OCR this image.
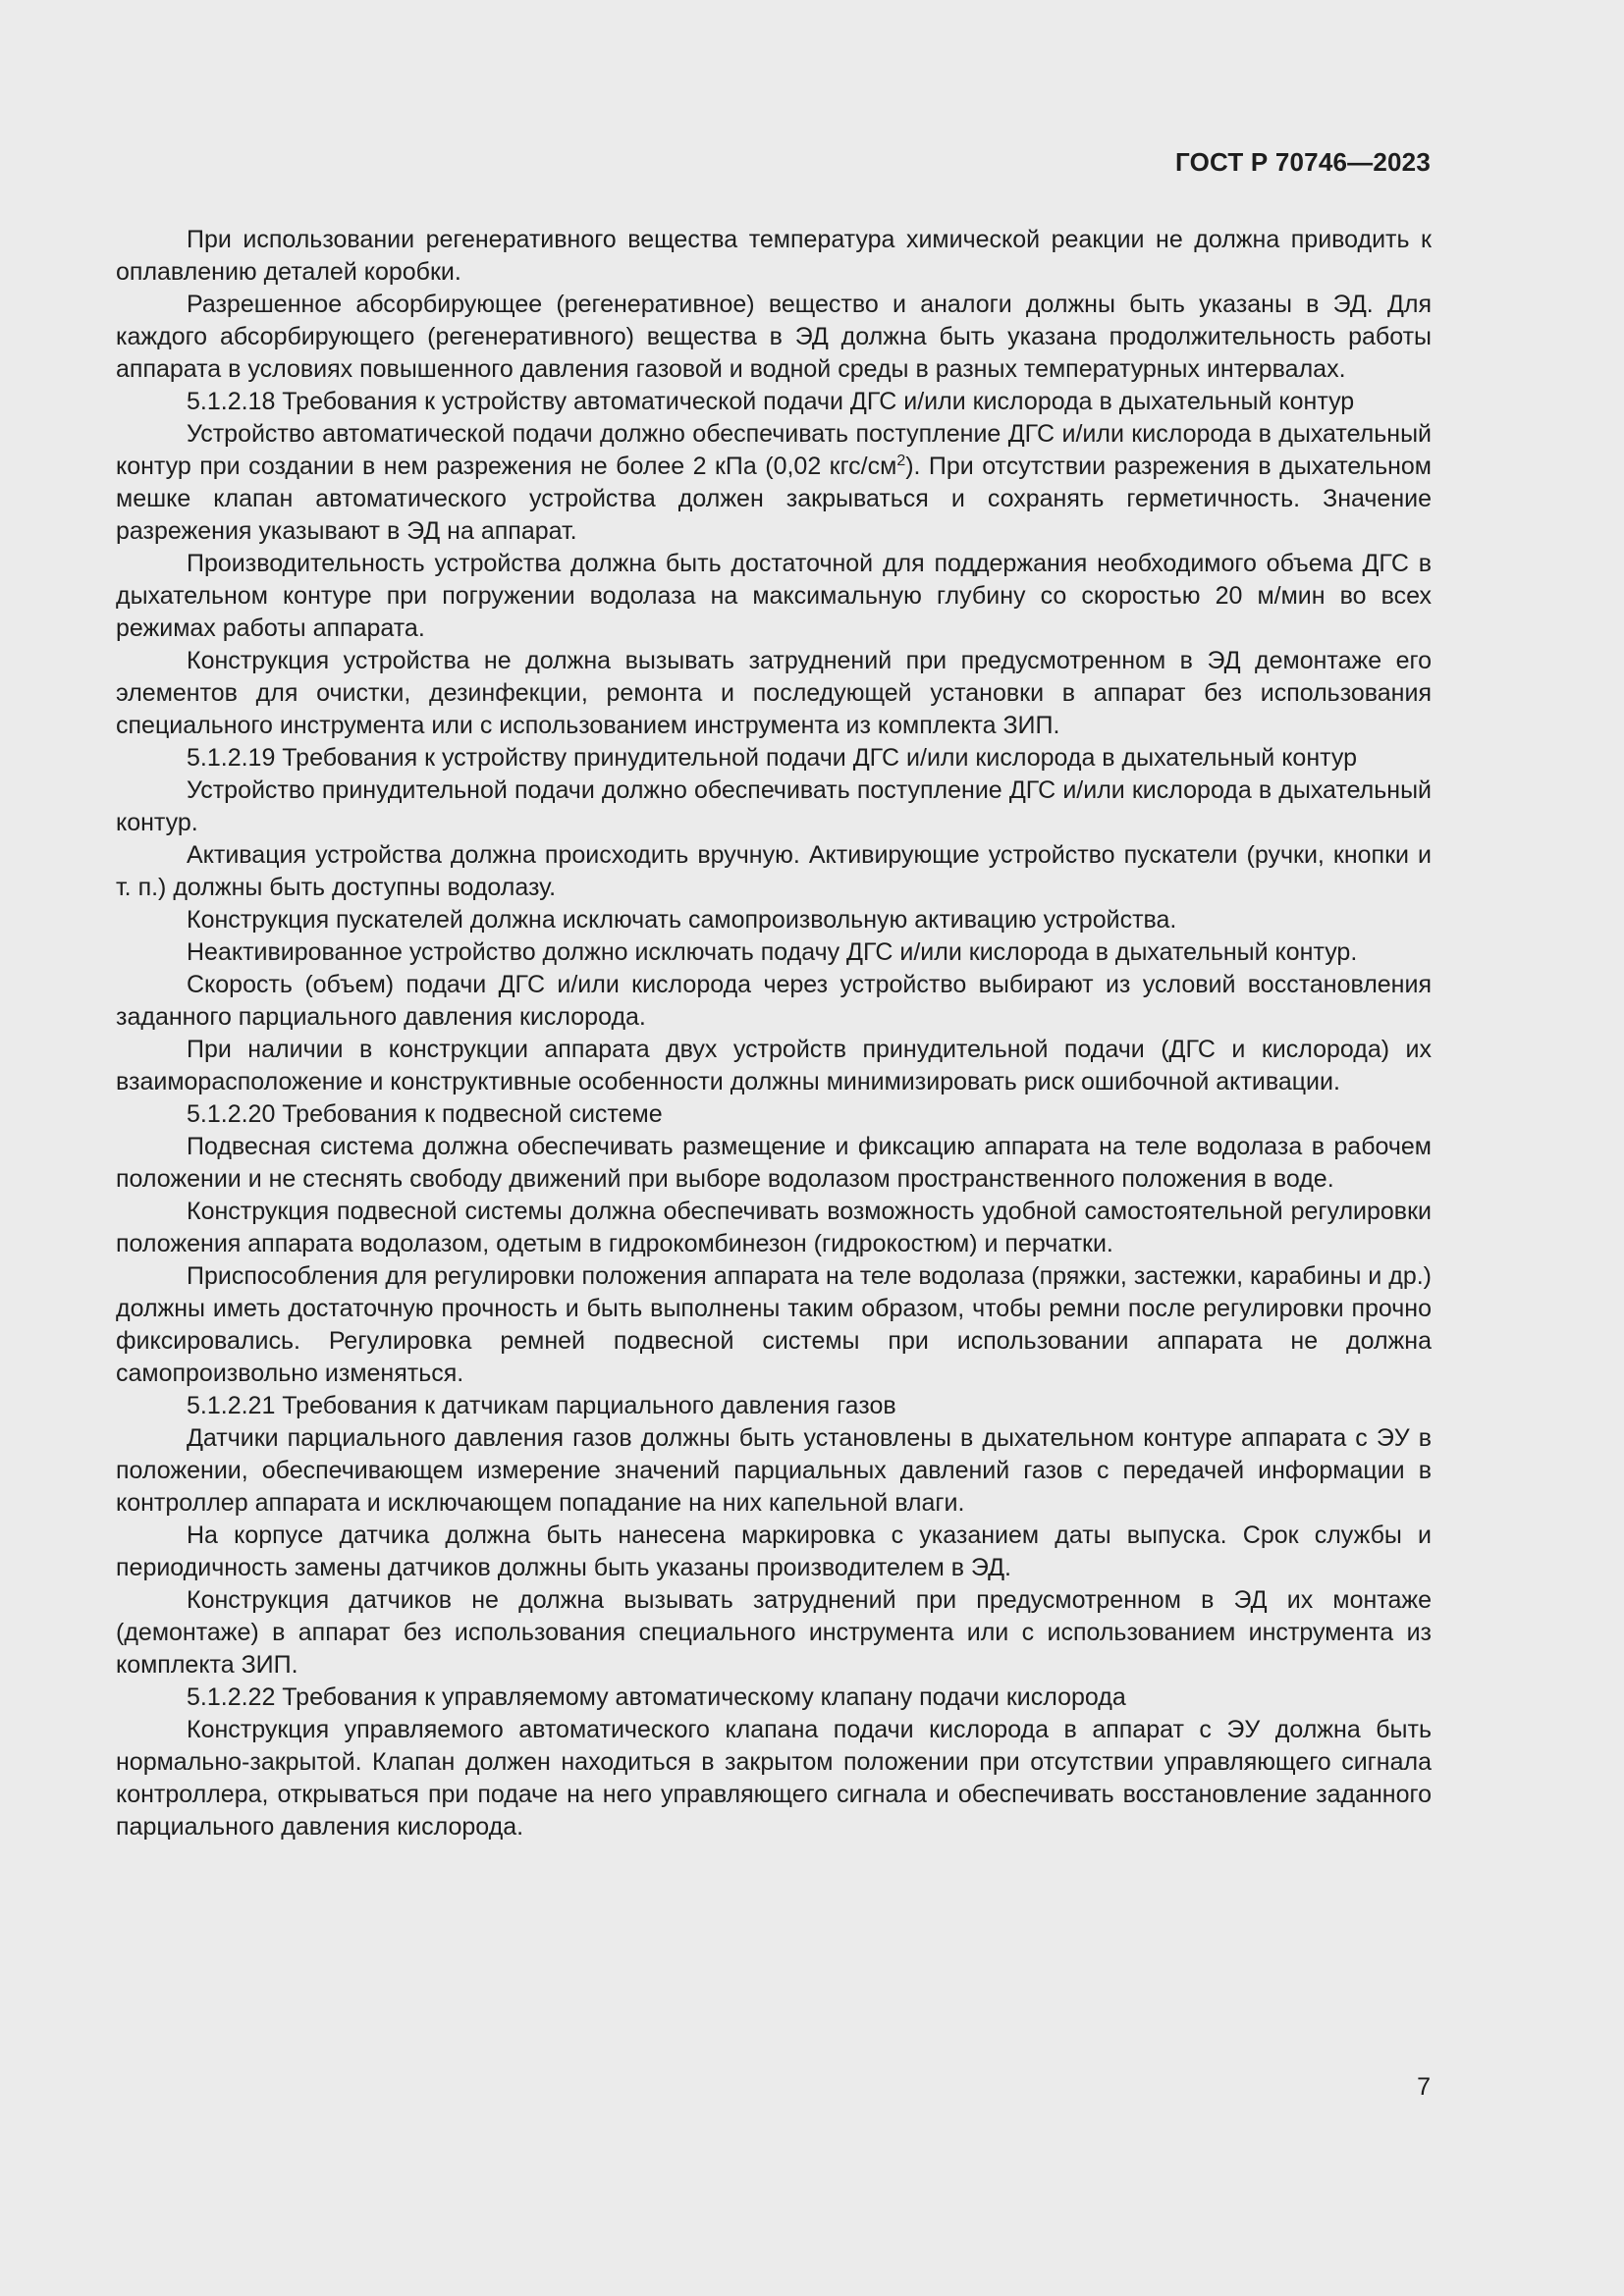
ГОСТ Р 70746—2023

При использовании регенеративного вещества температура химической реакции не должна приводить к оплавлению деталей коробки.

Разрешенное абсорбирующее (регенеративное) вещество и аналоги должны быть указаны в ЭД. Для каждого абсорбирующего (регенеративного) вещества в ЭД должна быть указана продолжительность работы аппарата в условиях повышенного давления газовой и водной среды в разных температурных интервалах.

5.1.2.18 Требования к устройству автоматической подачи ДГС и/или кислорода в дыхательный контур

Устройство автоматической подачи должно обеспечивать поступление ДГС и/или кислорода в дыхательный контур при создании в нем разрежения не более 2 кПа (0,02 кгс/$см^2$). При отсутствии разрежения в дыхательном мешке клапан автоматического устройства должен закрываться и сохранять герметичность. Значение разрежения указывают в ЭД на аппарат.

Производительность устройства должна быть достаточной для поддержания необходимого объема ДГС в дыхательном контуре при погружении водолаза на максимальную глубину со скоростью 20 м/мин во всех режимах работы аппарата.

Конструкция устройства не должна вызывать затруднений при предусмотренном в ЭД демонтаже его элементов для очистки, дезинфекции, ремонта и последующей установки в аппарат без использования специального инструмента или с использованием инструмента из комплекта ЗИП.

5.1.2.19 Требования к устройству принудительной подачи ДГС и/или кислорода в дыхательный контур

Устройство принудительной подачи должно обеспечивать поступление ДГС и/или кислорода в дыхательный контур.

Активация устройства должна происходить вручную. Активирующие устройство пускатели (ручки, кнопки и т. п.) должны быть доступны водолазу.

Конструкция пускателей должна исключать самопроизвольную активацию устройства.

Неактивированное устройство должно исключать подачу ДГС и/или кислорода в дыхательный контур.

Скорость (объем) подачи ДГС и/или кислорода через устройство выбирают из условий восстановления заданного парциального давления кислорода.

При наличии в конструкции аппарата двух устройств принудительной подачи (ДГС и кислорода) их взаиморасположение и конструктивные особенности должны минимизировать риск ошибочной активации.

5.1.2.20 Требования к подвесной системе

Подвесная система должна обеспечивать размещение и фиксацию аппарата на теле водолаза в рабочем положении и не стеснять свободу движений при выборе водолазом пространственного положения в воде.

Конструкция подвесной системы должна обеспечивать возможность удобной самостоятельной регулировки положения аппарата водолазом, одетым в гидрокомбинезон (гидрокостюм) и перчатки.

Приспособления для регулировки положения аппарата на теле водолаза (пряжки, застежки, карабины и др.) должны иметь достаточную прочность и быть выполнены таким образом, чтобы ремни после регулировки прочно фиксировались. Регулировка ремней подвесной системы при использовании аппарата не должна самопроизвольно изменяться.

5.1.2.21 Требования к датчикам парциального давления газов

Датчики парциального давления газов должны быть установлены в дыхательном контуре аппарата с ЭУ в положении, обеспечивающем измерение значений парциальных давлений газов с передачей информации в контроллер аппарата и исключающем попадание на них капельной влаги.

На корпусе датчика должна быть нанесена маркировка с указанием даты выпуска. Срок службы и периодичность замены датчиков должны быть указаны производителем в ЭД.

Конструкция датчиков не должна вызывать затруднений при предусмотренном в ЭД их монтаже (демонтаже) в аппарат без использования специального инструмента или с использованием инструмента из комплекта ЗИП.

5.1.2.22 Требования к управляемому автоматическому клапану подачи кислорода

Конструкция управляемого автоматического клапана подачи кислорода в аппарат с ЭУ должна быть нормально-закрытой. Клапан должен находиться в закрытом положении при отсутствии управляющего сигнала контроллера, открываться при подаче на него управляющего сигнала и обеспечивать восстановление заданного парциального давления кислорода.

7
